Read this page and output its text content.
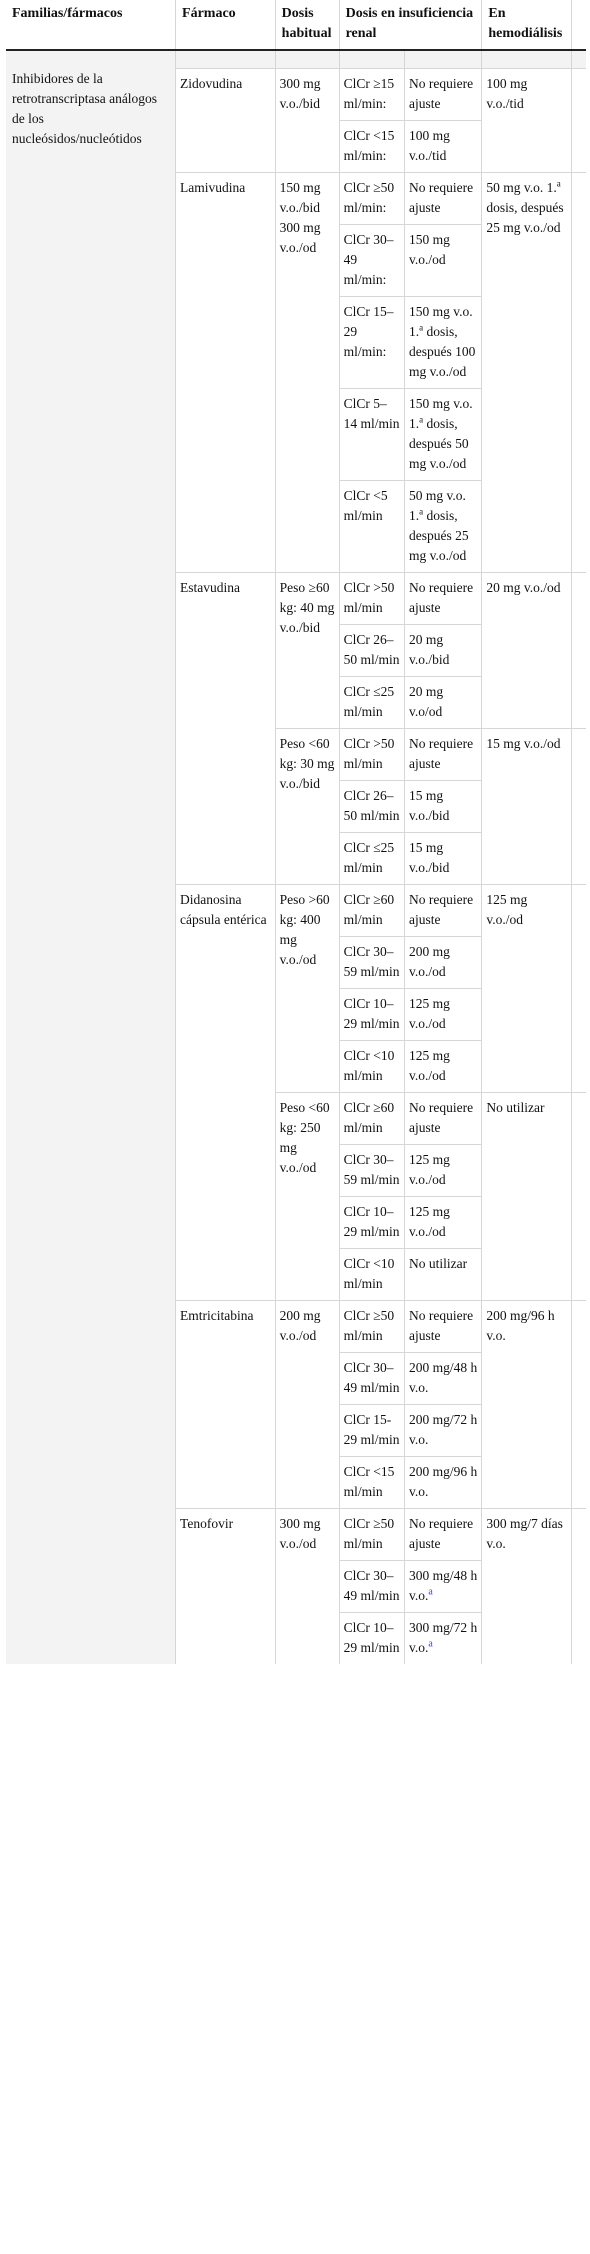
Familias/fármacos	Fármaco	Dosis habitual	Dosis en insuficiencia renal		En hemodiálisis	

Inhibidores de la retrotranscriptasa análogos de los nucleósidos/nucleótidos						
	Zidovudina	300 mg v.o./bid	ClCr ≥15 ml/min:	No requiere ajuste	100 mg v.o./tid	
			ClCr <15 ml/min:	100 mg v.o./tid		
	Lamivudina	150 mg v.o./bid 300 mg v.o./od	ClCr ≥50 ml/min:	No requiere ajuste	50 mg v.o. 1.$^a$ dosis, después 25 mg v.o./od	
			ClCr 30–49 ml/min:	150 mg v.o./od		
			ClCr 15–29 ml/min:	150 mg v.o. 1.$^a$ dosis, después 100 mg v.o./od		
			ClCr 5–14 ml/min	150 mg v.o. 1.$^a$ dosis, después 50 mg v.o./od		
			ClCr <5 ml/min	50 mg v.o. 1.$^a$ dosis, después 25 mg v.o./od		
	Estavudina	Peso ≥60 kg: 40 mg v.o./bid	ClCr >50 ml/min	No requiere ajuste	20 mg v.o./od	
			ClCr 26–50 ml/min	20 mg v.o./bid		
			ClCr ≤25 ml/min	20 mg v.o/od		
		Peso <60 kg: 30 mg v.o./bid	ClCr >50 ml/min	No requiere ajuste	15 mg v.o./od	
			ClCr 26–50 ml/min	15 mg v.o./bid		
			ClCr ≤25 ml/min	15 mg v.o./bid		
	Didanosina cápsula entérica	Peso >60 kg: 400 mg v.o./od	ClCr ≥60 ml/min	No requiere ajuste	125 mg v.o./od	
			ClCr 30–59 ml/min	200 mg v.o./od		
			ClCr 10–29 ml/min	125 mg v.o./od		
			ClCr <10 ml/min	125 mg v.o./od		
		Peso <60 kg: 250 mg v.o./od	ClCr ≥60 ml/min	No requiere ajuste	No utilizar	
			ClCr 30–59 ml/min	125 mg v.o./od		
			ClCr 10–29 ml/min	125 mg v.o./od		
			ClCr <10 ml/min	No utilizar		
	Emtricitabina	200 mg v.o./od	ClCr ≥50 ml/min	No requiere ajuste	200 mg/96 h v.o.	
			ClCr 30–49 ml/min	200 mg/48 h v.o.		
			ClCr 15-29 ml/min	200 mg/72 h v.o.		
			ClCr <15 ml/min	200 mg/96 h v.o.		
	Tenofovir	300 mg v.o./od	ClCr ≥50 ml/min	No requiere ajuste	300 mg/7 días v.o.	
			ClCr 30–49 ml/min	300 mg/48 h v.o.$^a$
			ClCr 10–29 ml/min	300 mg/72 h v.o.$^a$
